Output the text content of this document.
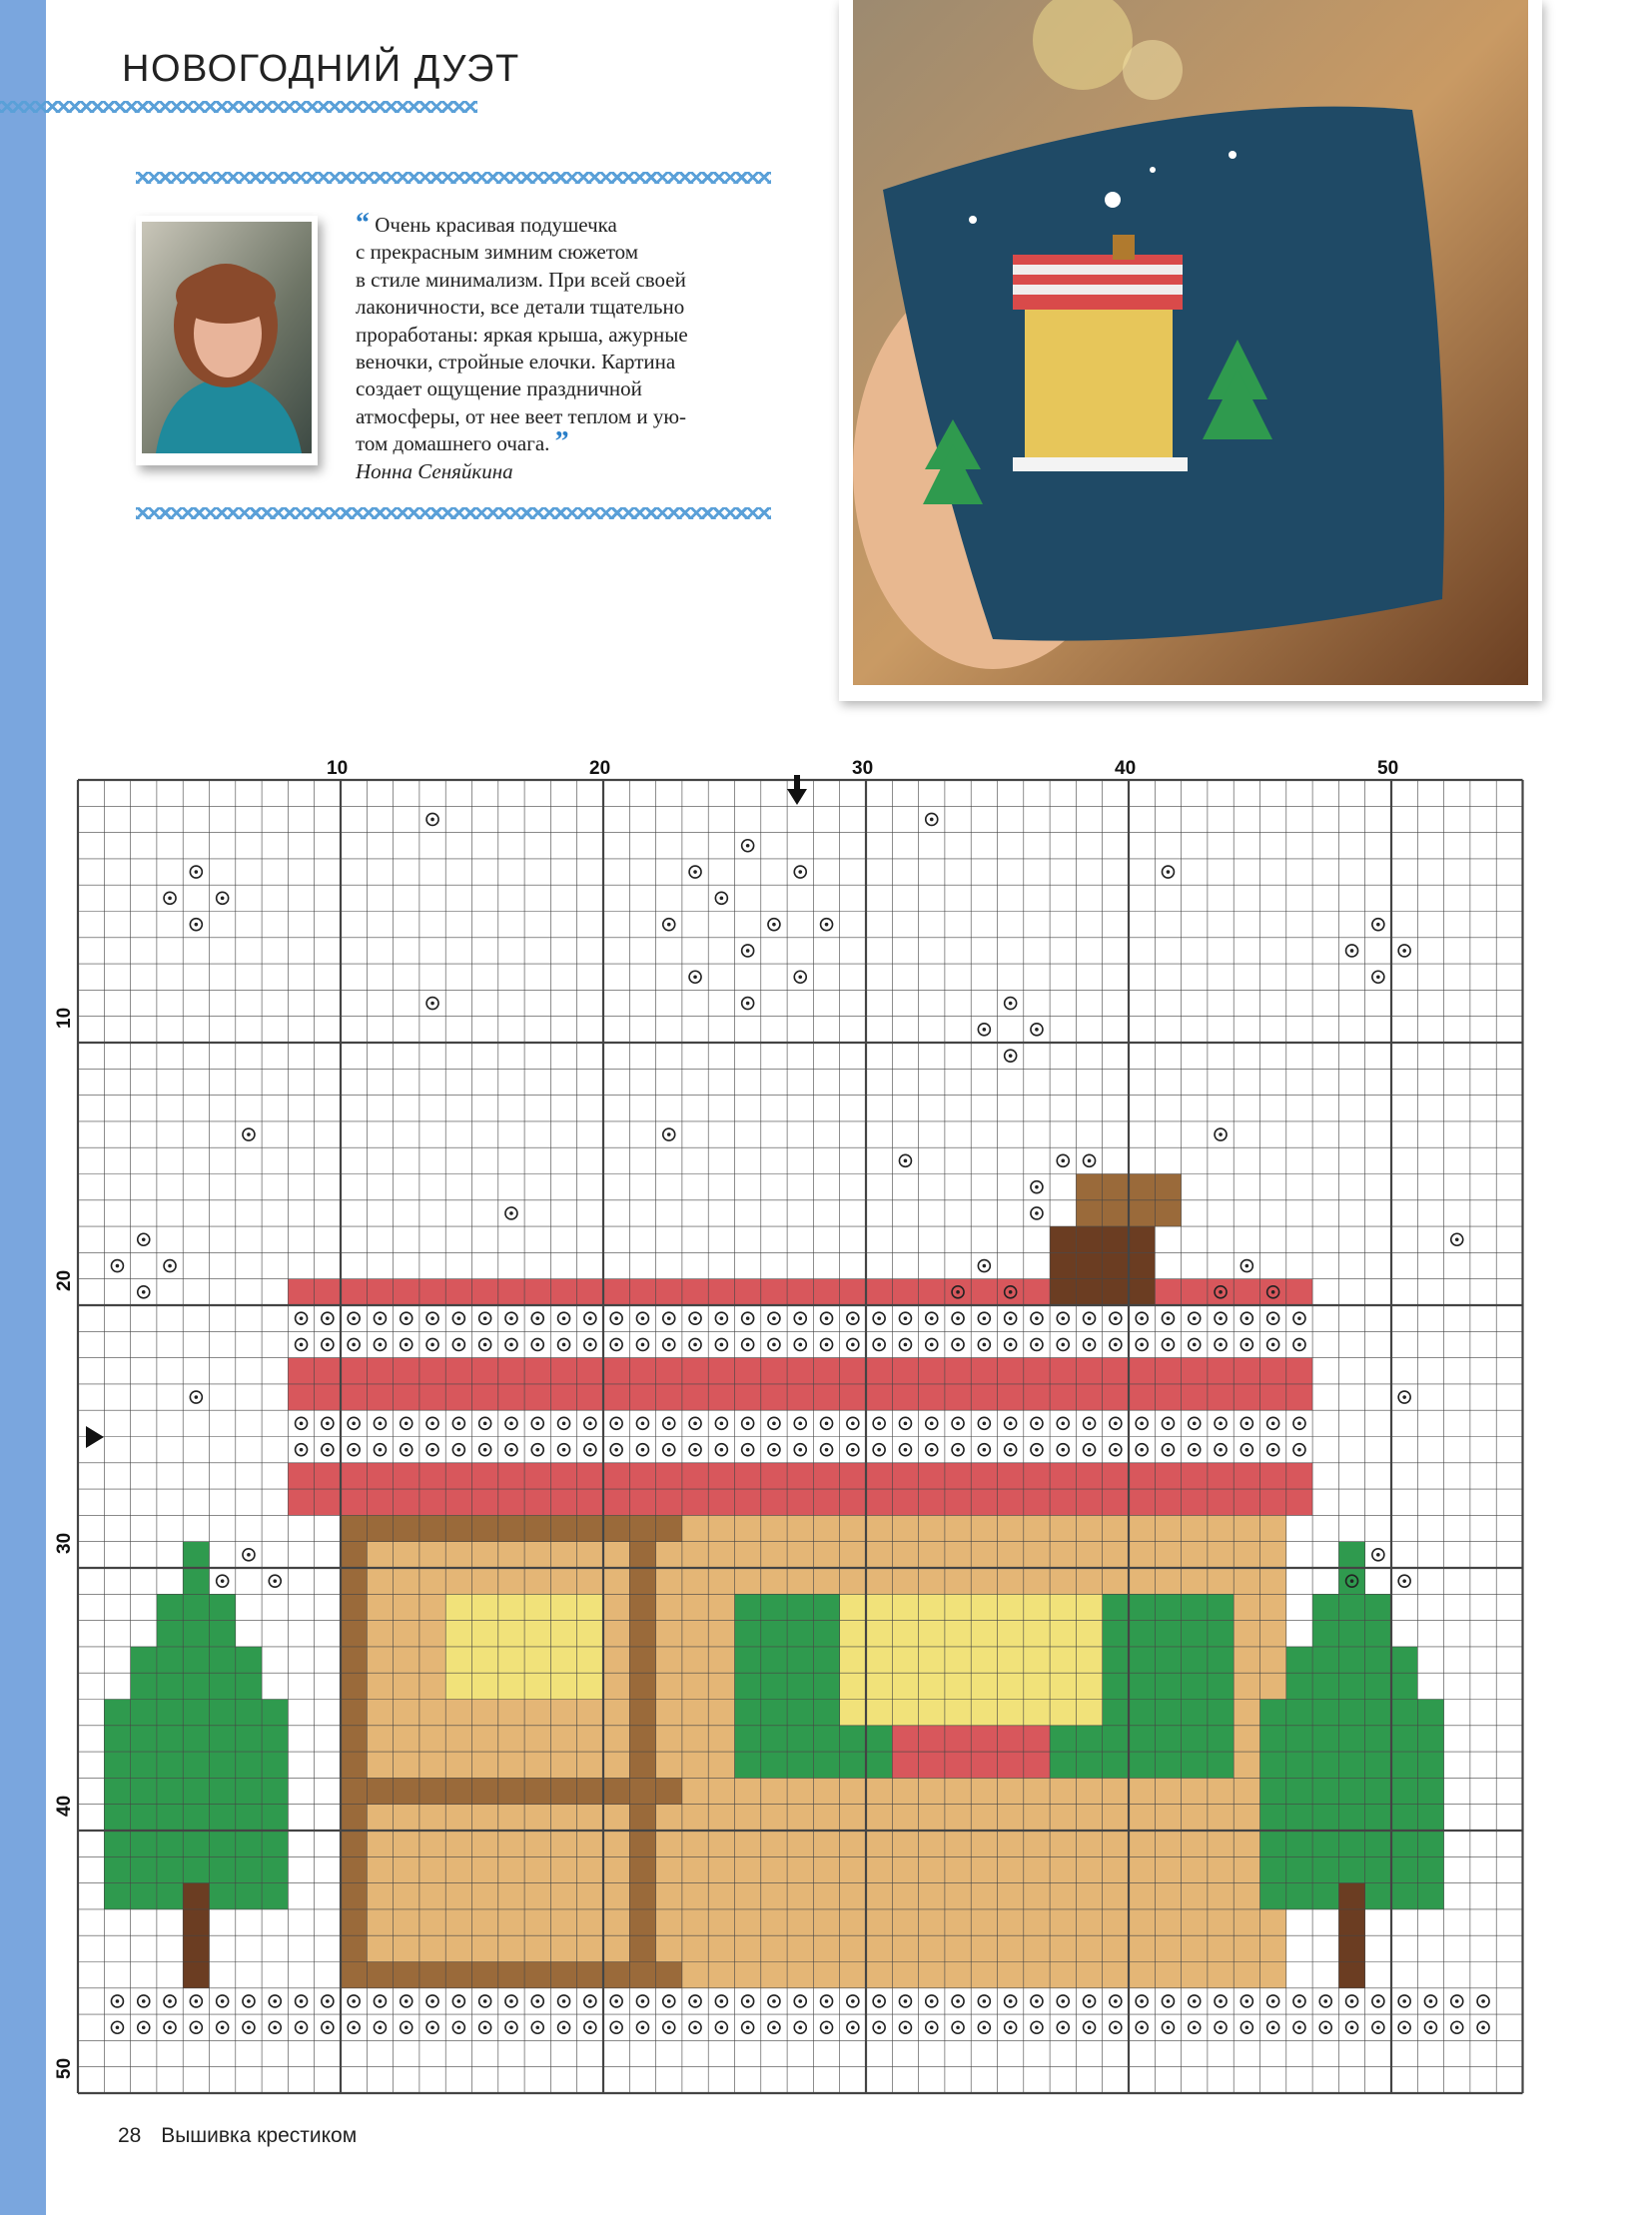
НОВОГОДНИЙ ДУЭТ

“ Очень красивая подушечка

с прекрасным зимним сюжетом

в стиле минимализм. При всей своей

лаконичности, все детали тщательно

проработаны: яркая крыша, ажурные

веночки, стройные елочки. Картина

создает ощущение праздничной

атмосферы, от нее веет теплом и ую-

том домашнего очага. ”

Нонна Сеняйкина

10	20	30	40	50
10
20
30
40
50
28 Вышивка крестиком
